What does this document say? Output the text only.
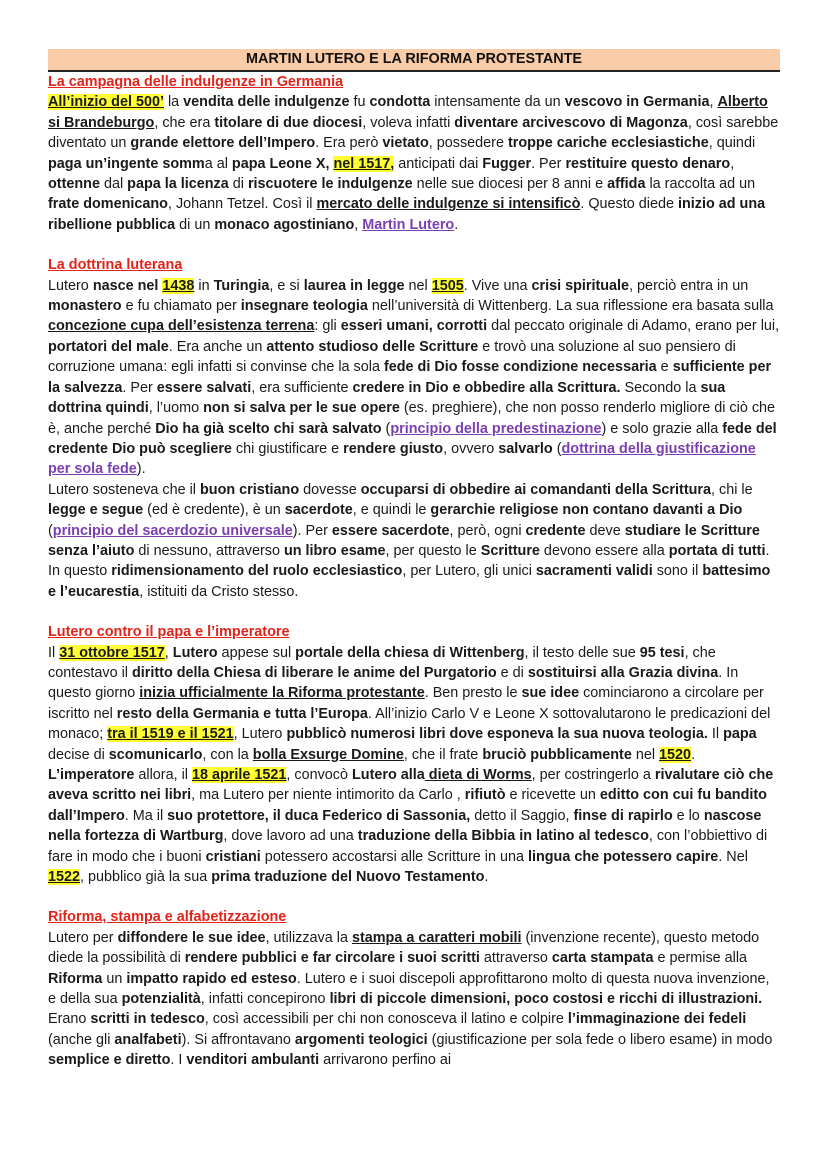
MARTIN LUTERO E LA RIFORMA PROTESTANTE
La campagna delle indulgenze in Germania

All’inizio del 500’ la vendita delle indulgenze fu condotta intensamente da un vescovo in Germania, Alberto si Brandeburgo, che era titolare di due diocesi, voleva infatti diventare arcivescovo di Magonza, così sarebbe diventato un grande elettore dell’Impero. Era però vietato, possedere troppe cariche ecclesiastiche, quindi paga un’ingente somma al papa Leone X, nel 1517, anticipati dai Fugger. Per restituire questo denaro, ottenne dal papa la licenza di riscuotere le indulgenze nelle sue diocesi per 8 anni e affida la raccolta ad un frate domenicano, Johann Tetzel. Così il mercato delle indulgenze si intensificò. Questo diede inizio ad una ribellione pubblica di un monaco agostiniano, Martin Lutero.

La dottrina luterana

Lutero nasce nel 1438 in Turingia, e si laurea in legge nel 1505. Vive una crisi spirituale, perciò entra in un monastero e fu chiamato per insegnare teologia nell’università di Wittenberg. La sua riflessione era basata sulla concezione cupa dell’esistenza terrena: gli esseri umani, corrotti dal peccato originale di Adamo, erano per lui, portatori del male. Era anche un attento studioso delle Scritture e trovò una soluzione al suo pensiero di corruzione umana: egli infatti si convinse che la sola fede di Dio fosse condizione necessaria e sufficiente per la salvezza. Per essere salvati, era sufficiente credere in Dio e obbedire alla Scrittura. Secondo la sua dottrina quindi, l’uomo non si salva per le sue opere (es. preghiere), che non posso renderlo migliore di ciò che è, anche perché Dio ha già scelto chi sarà salvato (principio della predestinazione) e solo grazie alla fede del credente Dio può scegliere chi giustificare e rendere giusto, ovvero salvarlo (dottrina della giustificazione per sola fede).

Lutero sosteneva che il buon cristiano dovesse occuparsi di obbedire ai comandanti della Scrittura, chi le legge e segue (ed è credente), è un sacerdote, e quindi le gerarchie religiose non contano davanti a Dio (principio del sacerdozio universale). Per essere sacerdote, però, ogni credente deve studiare le Scritture senza l’aiuto di nessuno, attraverso un libro esame, per questo le Scritture devono essere alla portata di tutti. In questo ridimensionamento del ruolo ecclesiastico, per Lutero, gli unici sacramenti validi sono il battesimo e l’eucarestia, istituiti da Cristo stesso.

Lutero contro il papa e l’imperatore

Il 31 ottobre 1517, Lutero appese sul portale della chiesa di Wittenberg, il testo delle sue 95 tesi, che contestavo il diritto della Chiesa di liberare le anime del Purgatorio e di sostituirsi alla Grazia divina. In questo giorno inizia ufficialmente la Riforma protestante. Ben presto le sue idee cominciarono a circolare per iscritto nel resto della Germania e tutta l’Europa. All’inizio Carlo V e Leone X sottovalutarono le predicazioni del monaco; tra il 1519 e il 1521, Lutero pubblicò numerosi libri dove esponeva la sua nuova teologia. Il papa decise di scomunicarlo, con la bolla Exsurge Domine, che il frate bruciò pubblicamente nel 1520. L’imperatore allora, il 18 aprile 1521, convocò Lutero alla dieta di Worms, per costringerlo a rivalutare ciò che aveva scritto nei libri, ma Lutero per niente intimorito da Carlo , rifiutò e ricevette un editto con cui fu bandito dall’Impero. Ma il suo protettore, il duca Federico di Sassonia, detto il Saggio, finse di rapirlo e lo nascose nella fortezza di Wartburg, dove lavoro ad una traduzione della Bibbia in latino al tedesco, con l’obbiettivo di fare in modo che i buoni cristiani potessero accostarsi alle Scritture in una lingua che potessero capire. Nel 1522, pubblico già la sua prima traduzione del Nuovo Testamento.

Riforma, stampa e alfabetizzazione

Lutero per diffondere le sue idee, utilizzava la stampa a caratteri mobili (invenzione recente), questo metodo diede la possibilità di rendere pubblici e far circolare i suoi scritti attraverso carta stampata e permise alla Riforma un impatto rapido ed esteso. Lutero e i suoi discepoli approfittarono molto di questa nuova invenzione, e della sua potenzialità, infatti concepirono libri di piccole dimensioni, poco costosi e ricchi di illustrazioni. Erano scritti in tedesco, così accessibili per chi non conosceva il latino e colpire l’immaginazione dei fedeli (anche gli analfabeti). Si affrontavano argomenti teologici (giustificazione per sola fede o libero esame) in modo semplice e diretto. I venditori ambulanti arrivarono perfino ai
